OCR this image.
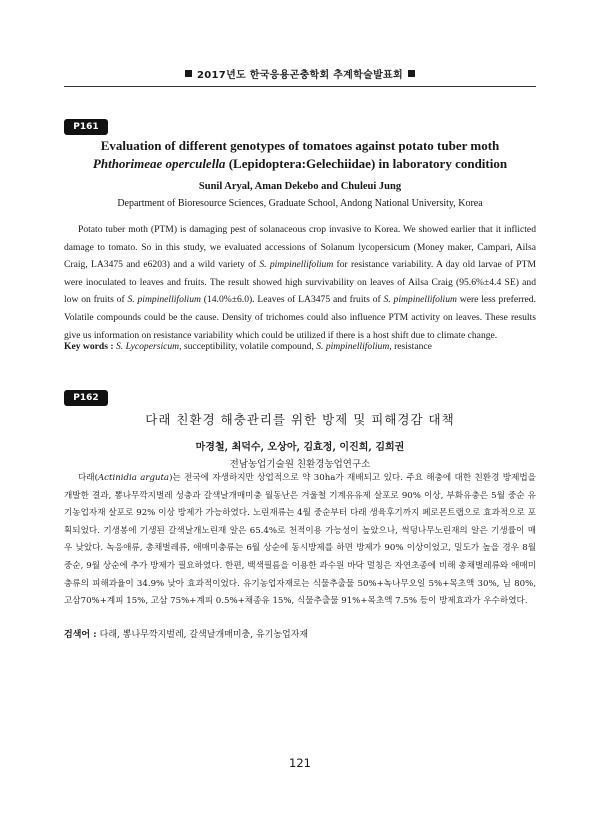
2017년도 한국응용곤충학회 추계학술발표회
P161
Evaluation of different genotypes of tomatoes against potato tuber moth
Phthorimeae operculella (Lepidoptera:Gelechiidae) in laboratory condition
Sunil Aryal, Aman Dekebo and Chuleui Jung
Department of Bioresource Sciences, Graduate School, Andong National University, Korea

Potato tuber moth (PTM) is damaging pest of solanaceous crop invasive to Korea. We showed earlier that it inflicted damage to tomato. So in this study, we evaluated accessions of Solanum lycopersicum (Money maker, Campari, Ailsa Craig, LA3475 and e6203) and a wild variety of S. pimpinellifolium for resistance variability. A day old larvae of PTM were inoculated to leaves and fruits. The result showed high survivability on leaves of Ailsa Craig (95.6%±4.4 SE) and low on fruits of S. pimpinellifolium (14.0%±6.0). Leaves of LA3475 and fruits of S. pimpinellifolium were less preferred. Volatile compounds could be the cause. Density of trichomes could also influence PTM activity on leaves. These results give us information on resistance variability which could be utilized if there is a host shift due to climate change.

Key words : S. Lycopersicum, succeptibility, volatile compound, S. pimpinellifolium, resistance
P162
다래 친환경 해충관리를 위한 방제 및 피해경감 대책
마경철, 최덕수, 오상아, 김효정, 이진희, 김희권
전남농업기술원 친환경농업연구소

다래(Actinidia arguta)는 전국에 자생하지만 상업적으로 약 30ha가 재배되고 있다. 주요 해충에 대한 친환경 방제법을 개발한 결과, 뽕나무깍지벌레 성충과 갈색날개매미충 월동난은 겨울철 기계유유제 살포로 90% 이상, 부화유충은 5월 중순 유기농업자재 살포로 92% 이상 방제가 가능하였다. 노린재류는 4월 중순부터 다래 생육후기까지 페로몬트랩으로 효과적으로 포획되었다. 기생봉에 기생된 갈색날개노린재 알은 65.4%로 천적이용 가능성이 높았으나, 썩덩나무노린재의 알은 기생률이 매우 낮았다. 녹응애류, 총채벌레류, 애매미충류는 6월 상순에 동시방제를 하면 방제가 90% 이상이었고, 밀도가 높을 경우 8월 중순, 9월 상순에 추가 방제가 필요하였다. 한편, 백색필름을 이용한 과수원 바닥 멀칭은 자연초종에 비해 총채벌레류와 애매미충류의 피해과율이 34.9% 낮아 효과적이었다. 유기농업자재로는 식물추출물 50%+녹나무오일 5%+목초액 30%, 님 80%, 고삼70%+계피 15%, 고삼 75%+계피 0.5%+채종유 15%, 식물추출물 91%+목초액 7.5% 등이 방제효과가 우수하였다.

검색어 : 다래, 뽕나무깍지벌레, 갈색날개매미충, 유기농업자재
121
